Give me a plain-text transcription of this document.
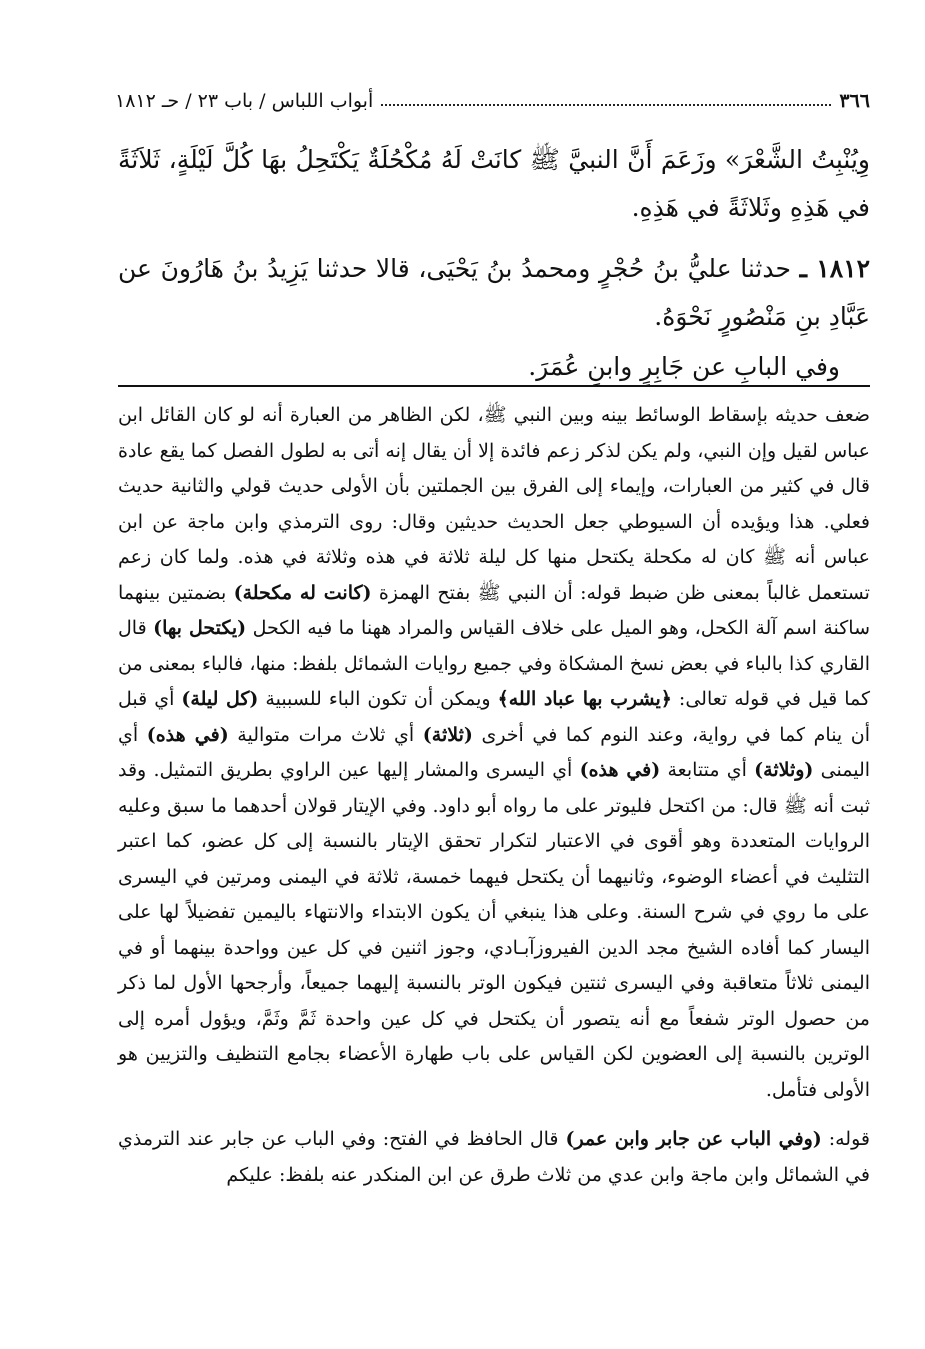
٣٦٦
أبواب اللباس / باب ٢٣ / حـ ١٨١٢
وِيُنْبِتُ الشَّعْرَ» وزَعَمَ أَنَّ النبيَّ ﷺ كانَتْ لَهُ مُكْحُلَةٌ يَكْتَحِلُ بهَا كُلَّ لَيْلَةٍ، ثَلاَثَةً في هَذِهِ وثَلاثَةً في هَذِهِ.
١٨١٢ ـ حدثنا عليُّ بنُ حُجْرٍ ومحمدُ بنُ يَحْيَى، قالا حدثنا يَزِيدُ بنُ هَارُونَ عن عَبَّادِ بنِ مَنْصُورٍ نَحْوَهُ.
وفي البابِ عن جَابِرٍ وابنِ عُمَرَ.

ضعف حديثه بإسقاط الوسائط بينه وبين النبي ﷺ، لكن الظاهر من العبارة أنه لو كان القائل ابن عباس لقيل وإن النبي، ولم يكن لذكر زعم فائدة إلا أن يقال إنه أتى به لطول الفصل كما يقع عادة قال في كثير من العبارات، وإيماء إلى الفرق بين الجملتين بأن الأولى حديث قولي والثانية حديث فعلي. هذا ويؤيده أن السيوطي جعل الحديث حديثين وقال: روى الترمذي وابن ماجة عن ابن عباس أنه ﷺ كان له مكحلة يكتحل منها كل ليلة ثلاثة في هذه وثلاثة في هذه. ولما كان زعم تستعمل غالباً بمعنى ظن ضبط قوله: أن النبي ﷺ بفتح الهمزة (كانت له مكحلة) بضمتين بينهما ساكنة اسم آلة الكحل، وهو الميل على خلاف القياس والمراد ههنا ما فيه الكحل (يكتحل بها) قال القاري كذا بالباء في بعض نسخ المشكاة وفي جميع روايات الشمائل بلفظ: منها، فالباء بمعنى من كما قيل في قوله تعالى: ﴿يشرب بها عباد الله﴾ ويمكن أن تكون الباء للسببية (كل ليلة) أي قبل أن ينام كما في رواية، وعند النوم كما في أخرى (ثلاثة) أي ثلاث مرات متوالية (في هذه) أي اليمنى (وثلاثة) أي متتابعة (في هذه) أي اليسرى والمشار إليها عين الراوي بطريق التمثيل. وقد ثبت أنه ﷺ قال: من اكتحل فليوتر على ما رواه أبو داود. وفي الإيتار قولان أحدهما ما سبق وعليه الروايات المتعددة وهو أقوى في الاعتبار لتكرار تحقق الإيتار بالنسبة إلى كل عضو، كما اعتبر التثليث في أعضاء الوضوء، وثانيهما أن يكتحل فيهما خمسة، ثلاثة في اليمنى ومرتين في اليسرى على ما روي في شرح السنة. وعلى هذا ينبغي أن يكون الابتداء والانتهاء باليمين تفضيلاً لها على اليسار كما أفاده الشيخ مجد الدين الفيروزآبـادي، وجوز اثنين في كل عين وواحدة بينهما أو في اليمنى ثلاثاً متعاقبة وفي اليسرى ثنتين فيكون الوتر بالنسبة إليهما جميعاً، وأرجحها الأول لما ذكر من حصول الوتر شفعاً مع أنه يتصور أن يكتحل في كل عين واحدة ثَمَّ وثَمَّ، ويؤول أمره إلى الوترين بالنسبة إلى العضوين لكن القياس على باب طهارة الأعضاء بجامع التنظيف والتزيين هو الأولى فتأمل.

قوله: (وفي الباب عن جابر وابن عمر) قال الحافظ في الفتح: وفي الباب عن جابر عند الترمذي في الشمائل وابن ماجة وابن عدي من ثلاث طرق عن ابن المنكدر عنه بلفظ: عليكم
